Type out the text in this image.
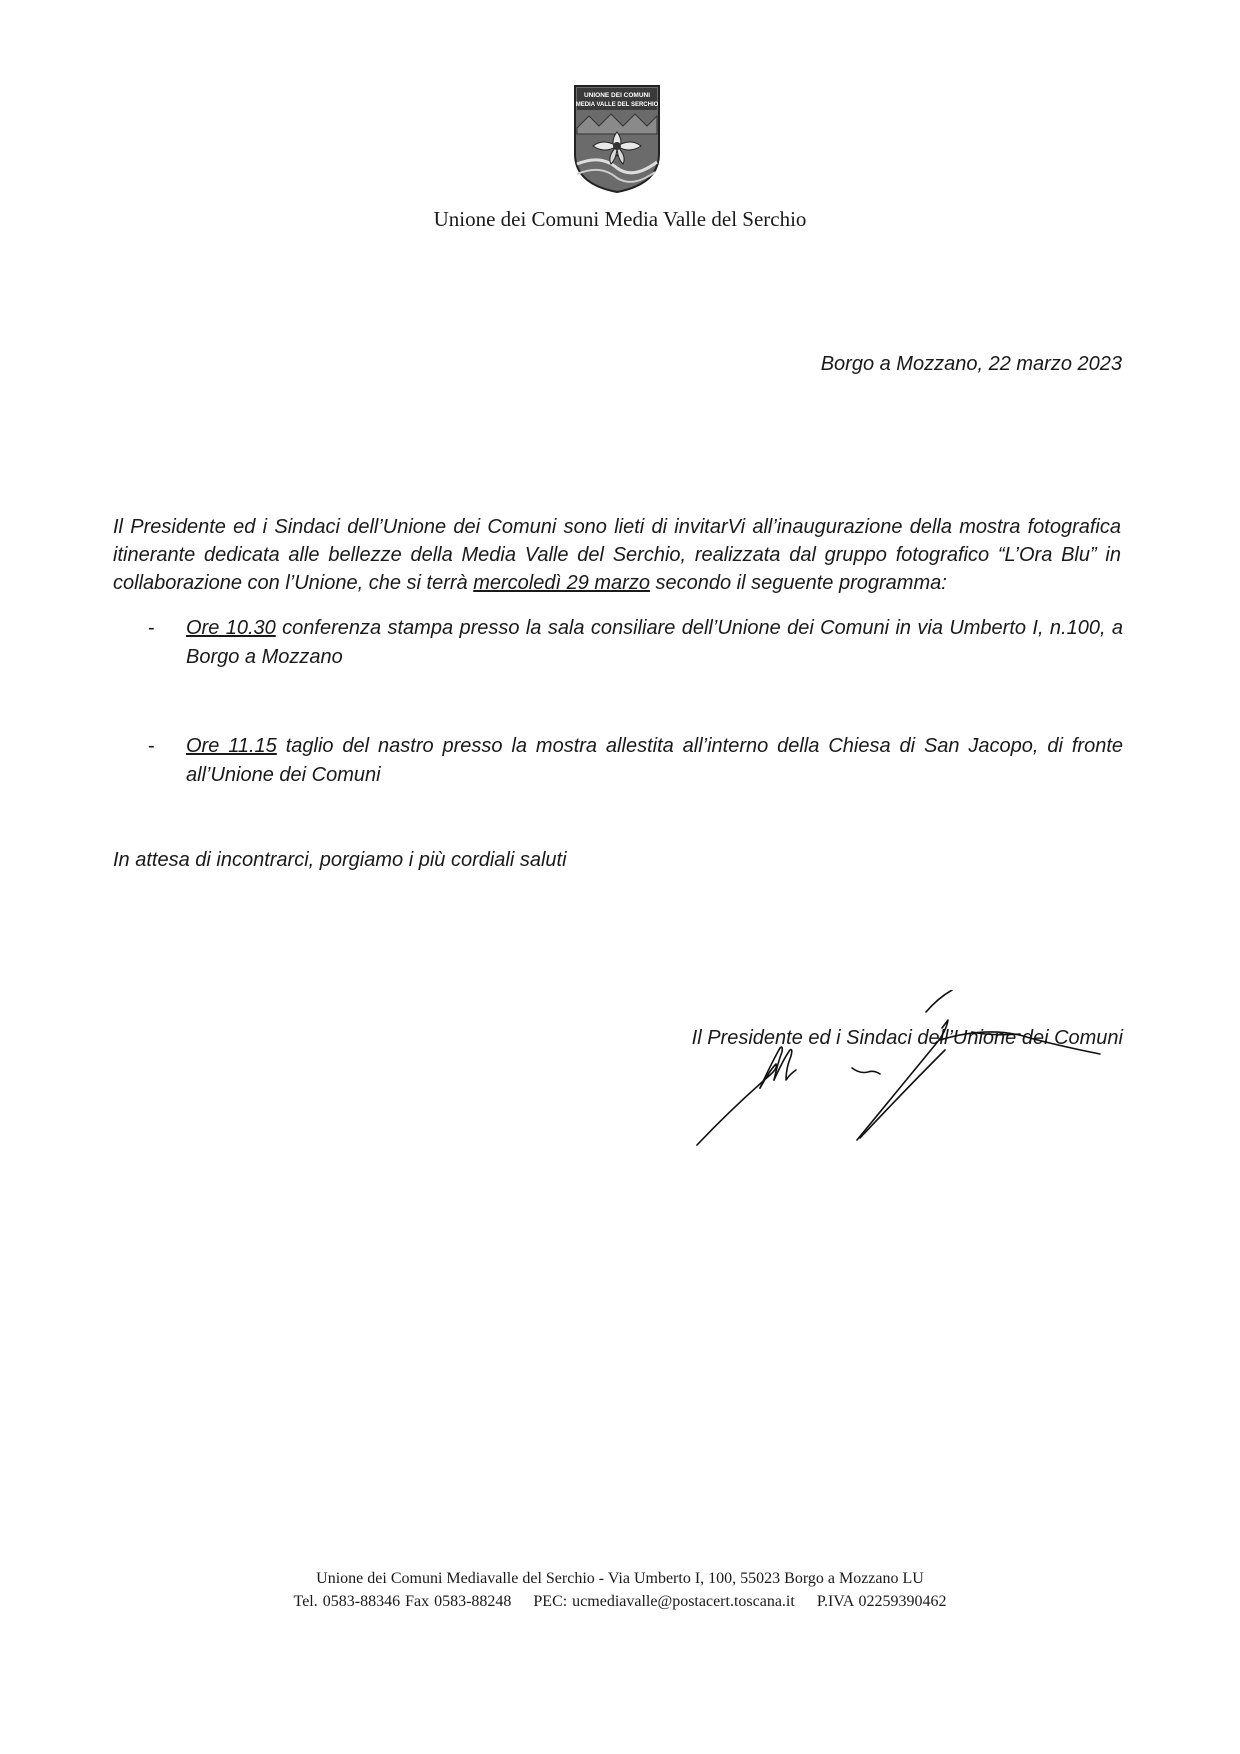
UNIONE DEI COMUNI
MEDIA VALLE DEL SERCHIO
Unione dei Comuni Media Valle del Serchio
Borgo a Mozzano, 22 marzo 2023
Il Presidente ed i Sindaci dell’Unione dei Comuni sono lieti di invitarVi all’inaugurazione della mostra fotografica itinerante dedicata alle bellezze della Media Valle del Serchio, realizzata dal gruppo fotografico “L’Ora Blu” in collaborazione con l’Unione, che si terrà mercoledì 29 marzo secondo il seguente programma:
- Ore 10.30 conferenza stampa presso la sala consiliare dell’Unione dei Comuni in via Umberto I, n.100, a Borgo a Mozzano
- Ore 11.15 taglio del nastro presso la mostra allestita all’interno della Chiesa di San Jacopo, di fronte all’Unione dei Comuni
In attesa di incontrarci, porgiamo i più cordiali saluti
Il Presidente ed i Sindaci dell’Unione dei Comuni
Unione dei Comuni Mediavalle del Serchio - Via Umberto I, 100, 55023 Borgo a Mozzano LU
Tel. 0583-88346 Fax 0583-88248 PEC: ucmediavalle@postacert.toscana.it P.IVA 02259390462
